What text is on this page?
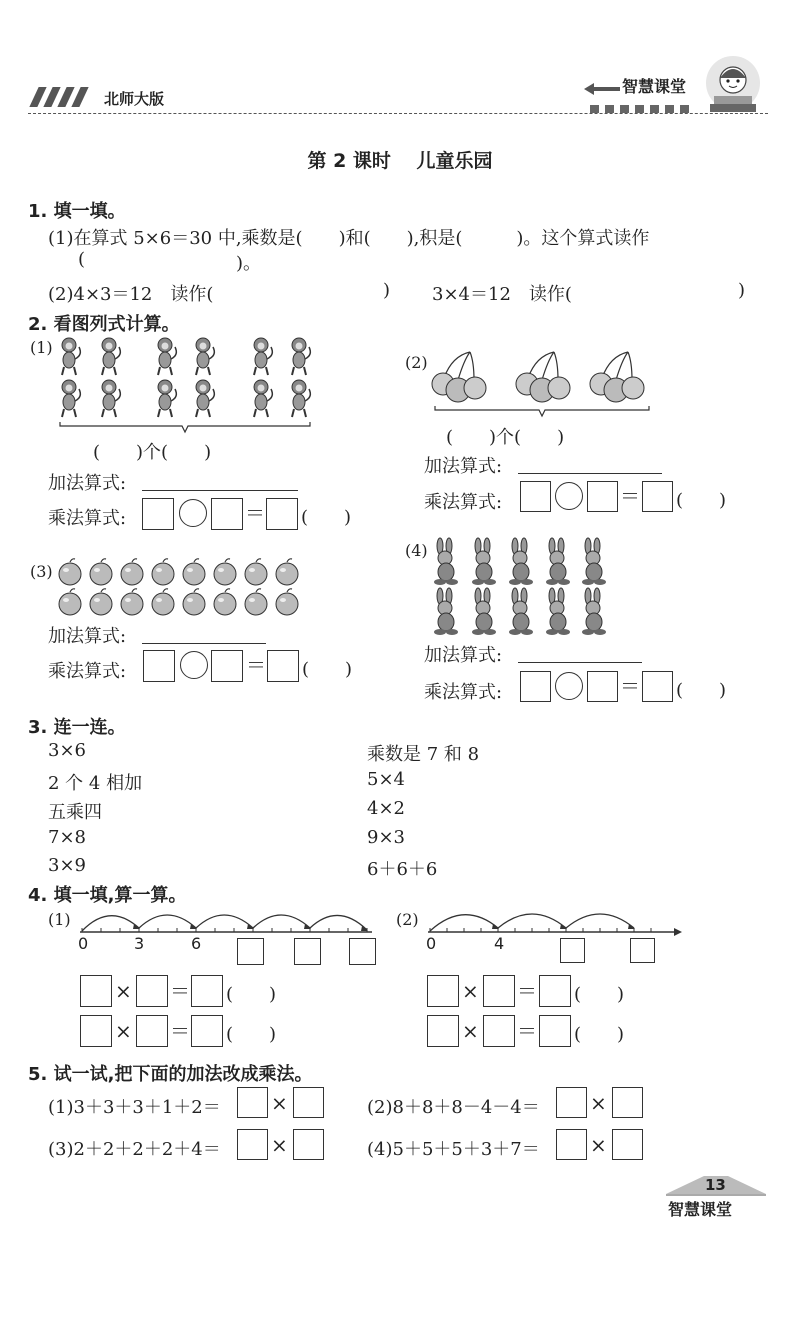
北师大版
智慧课堂
第 2 课时　 儿童乐园
1. 填一填。
(1)在算式 5×6＝30 中,乘数是(　　)和(　　),积是(　　　)。这个算式读作
(	)。
(2)4×3＝12　读作(	) 3×4＝12　读作(	)
2. 看图列式计算。
(1)
(　　)个(　　)
加法算式:
乘法算式:	＝ (　　)
(2)
(　　)个(　　)
加法算式:
乘法算式:	＝ (　　)
(3)
加法算式:
乘法算式:	＝ (　　)
(4)
加法算式:
乘法算式:	＝ (　　)
3. 连一连。
3×6
2 个 4 相加
五乘四
7×8
3×9
乘数是 7 和 8
5×4
4×2
9×3
6＋6＋6
4. 填一填,算一算。
(1)
0	3	6
× ＝ (　　)
× ＝ (　　)
(2)
0	4
× ＝ (　　)
× ＝ (　　)
5. 试一试,把下面的加法改成乘法。
(1)3＋3＋3＋1＋2＝	×	(2)8＋8＋8－4－4＝	×
(3)2＋2＋2＋2＋4＝	×	(4)5＋5＋5＋3＋7＝	×
13
智慧课堂
